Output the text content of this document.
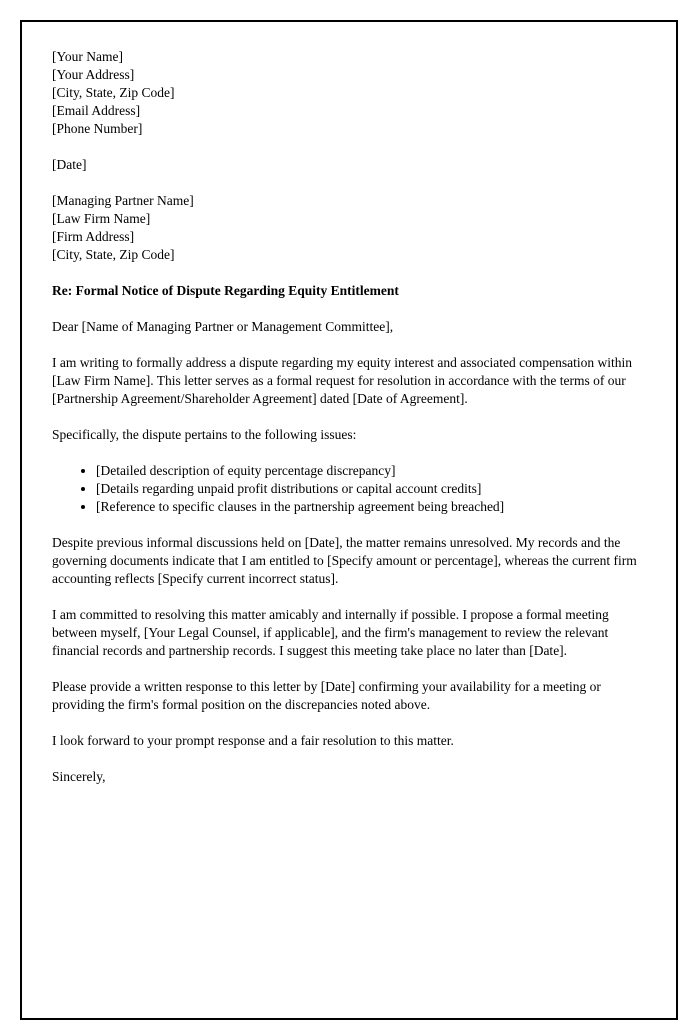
[Your Name]
[Your Address]
[City, State, Zip Code]
[Email Address]
[Phone Number]
[Date]
[Managing Partner Name]
[Law Firm Name]
[Firm Address]
[City, State, Zip Code]

Re: Formal Notice of Dispute Regarding Equity Entitlement

Dear [Name of Managing Partner or Management Committee],

I am writing to formally address a dispute regarding my equity interest and associated compensation within [Law Firm Name]. This letter serves as a formal request for resolution in accordance with the terms of our [Partnership Agreement/Shareholder Agreement] dated [Date of Agreement].

Specifically, the dispute pertains to the following issues:

• [Detailed description of equity percentage discrepancy]
• [Details regarding unpaid profit distributions or capital account credits]
• [Reference to specific clauses in the partnership agreement being breached]

Despite previous informal discussions held on [Date], the matter remains unresolved. My records and the governing documents indicate that I am entitled to [Specify amount or percentage], whereas the current firm accounting reflects [Specify current incorrect status].

I am committed to resolving this matter amicably and internally if possible. I propose a formal meeting between myself, [Your Legal Counsel, if applicable], and the firm's management to review the relevant financial records and partnership records. I suggest this meeting take place no later than [Date].

Please provide a written response to this letter by [Date] confirming your availability for a meeting or providing the firm's formal position on the discrepancies noted above.

I look forward to your prompt response and a fair resolution to this matter.

Sincerely,
